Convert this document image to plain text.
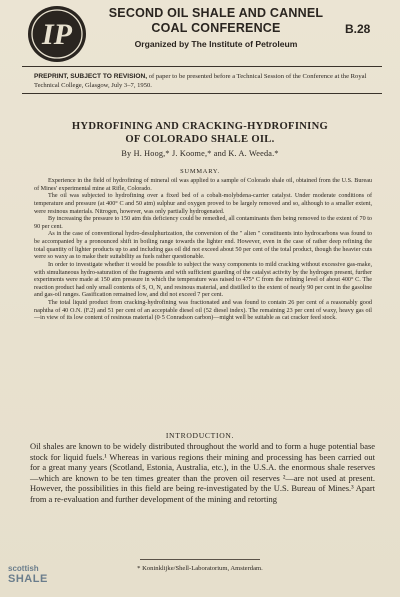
IP
SECOND OIL SHALE AND CANNEL
COAL CONFERENCE
Organized by The Institute of Petroleum
B.28
PREPRINT, SUBJECT TO REVISION, of paper to be presented before a Technical Session of the Conference at the Royal Technical College, Glasgow, July 3–7, 1950.
HYDROFINING AND CRACKING-HYDROFINING
OF COLORADO SHALE OIL.
By H. Hoog,* J. Koome,* and K. A. Weeda.*
SUMMARY.

Experience in the field of hydrofining of mineral oil was applied to a sample of Colorado shale oil, obtained from the U.S. Bureau of Mines' experimental mine at Rifle, Colorado.

The oil was subjected to hydrofining over a fixed bed of a cobalt-molybdena-carrier catalyst. Under moderate conditions of temperature and pressure (at 400° C and 50 atm) sulphur and oxygen proved to be largely removed and so, although to a smaller extent, were resinous materials. Nitrogen, however, was only partially hydrogenated.

By increasing the pressure to 150 atm this deficiency could be remedied, all contaminants then being removed to the extent of 70 to 90 per cent.

As in the case of conventional hydro-desulphurization, the conversion of the " alien " constituents into hydrocarbons was found to be accompanied by a pronounced shift in boiling range towards the lighter end. However, even in the case of rather deep refining the total quantity of lighter products up to and including gas oil did not exceed about 50 per cent of the total product, though the heavier cuts were so waxy as to make their suitability as fuels rather questionable.

In order to investigate whether it would be possible to subject the waxy components to mild cracking without excessive gas-make, with simultaneous hydro-saturation of the fragments and with sufficient guarding of the catalyst activity by the hydrogen present, further experiments were made at 150 atm pressure in which the temperature was raised to 475° C from the refining level of about 400° C. The reaction product had only small contents of S, O, N, and resinous material, and distilled to the extent of nearly 90 per cent in the gasoline and gas-oil ranges. Gasification remained low, and did not exceed 7 per cent.

The total liquid product from cracking-hydrofining was fractionated and was found to contain 26 per cent of a reasonably good naphtha of 40 O.N. (F.2) and 51 per cent of an acceptable diesel oil (52 diesel index). The remaining 23 per cent of waxy, heavy gas oil—in view of its low content of resinous material (0·5 Conradson carbon)—might well be suitable as cat cracker feed stock.

INTRODUCTION.

Oil shales are known to be widely distributed throughout the world and to form a huge potential base stock for liquid fuels.¹ Whereas in various regions their mining and processing has been carried out for a great many years (Scotland, Estonia, Australia, etc.), in the U.S.A. the enormous shale reserves—which are known to be ten times greater than the proven oil reserves ²—are not used at present. However, the possibilities in this field are being re-investigated by the U.S. Bureau of Mines.³ Apart from a re-evaluation and further development of the mining and retorting

* Koninklijke/Shell-Laboratorium, Amsterdam.
scottish
SHALE
